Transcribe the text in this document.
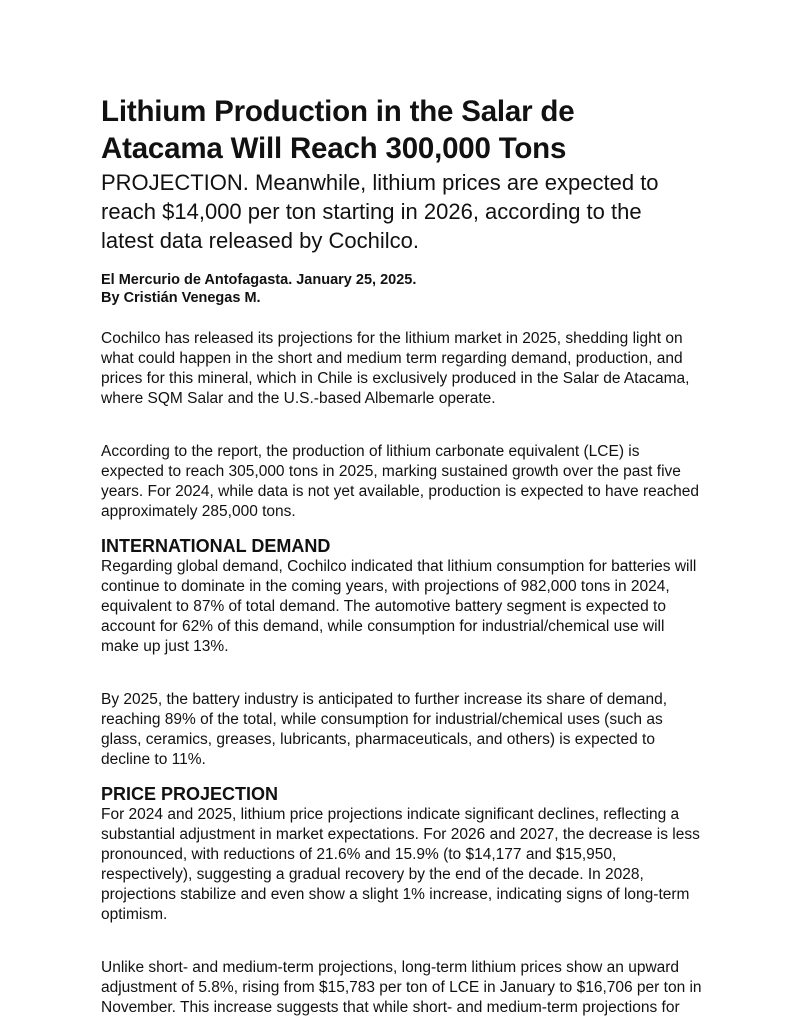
Lithium Production in the Salar de
Atacama Will Reach 300,000 Tons
PROJECTION. Meanwhile, lithium prices are expected to
reach $14,000 per ton starting in 2026, according to the
latest data released by Cochilco.
El Mercurio de Antofagasta. January 25, 2025.
By Cristián Venegas M.

Cochilco has released its projections for the lithium market in 2025, shedding light on
what could happen in the short and medium term regarding demand, production, and
prices for this mineral, which in Chile is exclusively produced in the Salar de Atacama,
where SQM Salar and the U.S.-based Albemarle operate.

According to the report, the production of lithium carbonate equivalent (LCE) is
expected to reach 305,000 tons in 2025, marking sustained growth over the past five
years. For 2024, while data is not yet available, production is expected to have reached
approximately 285,000 tons.

INTERNATIONAL DEMAND

Regarding global demand, Cochilco indicated that lithium consumption for batteries will
continue to dominate in the coming years, with projections of 982,000 tons in 2024,
equivalent to 87% of total demand. The automotive battery segment is expected to
account for 62% of this demand, while consumption for industrial/chemical use will
make up just 13%.

By 2025, the battery industry is anticipated to further increase its share of demand,
reaching 89% of the total, while consumption for industrial/chemical uses (such as
glass, ceramics, greases, lubricants, pharmaceuticals, and others) is expected to
decline to 11%.

PRICE PROJECTION

For 2024 and 2025, lithium price projections indicate significant declines, reflecting a
substantial adjustment in market expectations. For 2026 and 2027, the decrease is less
pronounced, with reductions of 21.6% and 15.9% (to $14,177 and $15,950,
respectively), suggesting a gradual recovery by the end of the decade. In 2028,
projections stabilize and even show a slight 1% increase, indicating signs of long-term
optimism.

Unlike short- and medium-term projections, long-term lithium prices show an upward
adjustment of 5.8%, rising from $15,783 per ton of LCE in January to $16,706 per ton in
November. This increase suggests that while short- and medium-term projections for
